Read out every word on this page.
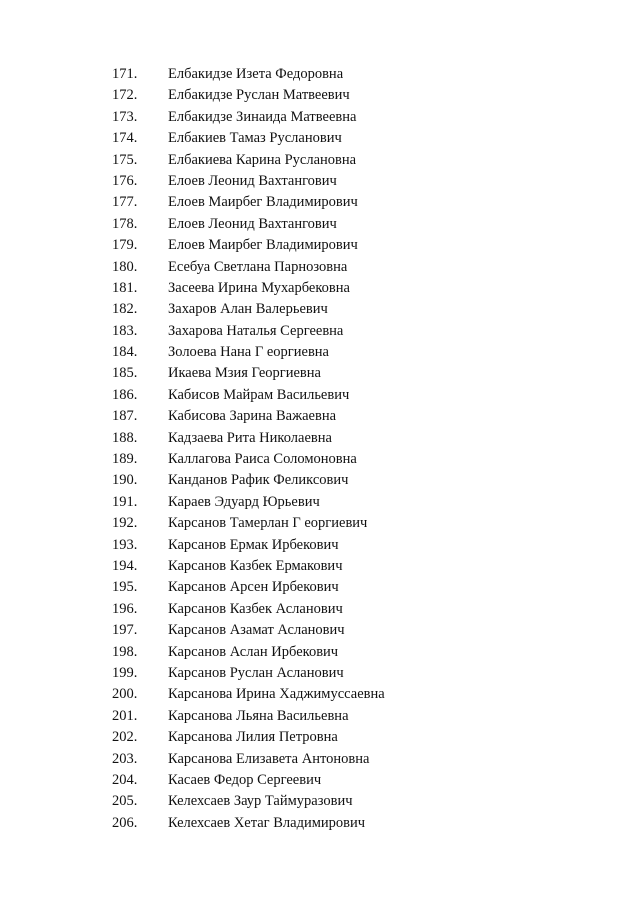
171. Елбакидзе Изета Федоровна
172. Елбакидзе Руслан Матвеевич
173. Елбакидзе Зинаида Матвеевна
174. Елбакиев Тамаз Русланович
175. Елбакиева Карина Руслановна
176. Елоев Леонид Вахтангович
177. Елоев Маирбег Владимирович
178. Елоев Леонид Вахтангович
179. Елоев Маирбег Владимирович
180. Есебуа Светлана Парнозовна
181. Засеева Ирина Мухарбековна
182. Захаров Алан Валерьевич
183. Захарова Наталья Сергеевна
184. Золоева Нана Г еоргиевна
185. Икаева Мзия Георгиевна
186. Кабисов Майрам Васильевич
187. Кабисова Зарина Важаевна
188. Кадзаева Рита Николаевна
189. Каллагова Раиса Соломоновна
190. Канданов Рафик Феликсович
191. Караев Эдуард Юрьевич
192. Карсанов Тамерлан Г еоргиевич
193. Карсанов Ермак Ирбекович
194. Карсанов Казбек Ермакович
195. Карсанов Арсен Ирбекович
196. Карсанов Казбек Асланович
197. Карсанов Азамат Асланович
198. Карсанов Аслан Ирбекович
199. Карсанов Руслан Асланович
200. Карсанова Ирина Хаджимуссаевна
201. Карсанова Льяна Васильевна
202. Карсанова Лилия Петровна
203. Карсанова Елизавета Антоновна
204. Касаев Федор Сергеевич
205. Келехсаев Заур Таймуразович
206. Келехсаев Хетаг Владимирович
